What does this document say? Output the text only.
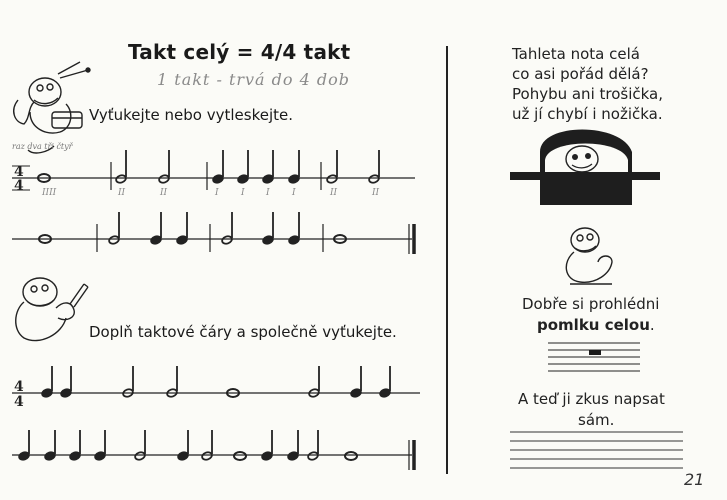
4
4 IIII	II	II	I I I I	II	II
4
4
Takt celý = 4/4 takt
1 takt - trvá do 4 dob
Vyťukejte nebo vytleskejte.
raz dva tři čtyř
Doplň taktové čáry a společně vyťukejte.
Tahleta nota celá
co asi pořád dělá?
Pohybu ani trošička,
už jí chybí i nožička.
Dobře si prohlédni
pomlku celou.
A teď ji zkus napsat
sám.
21
